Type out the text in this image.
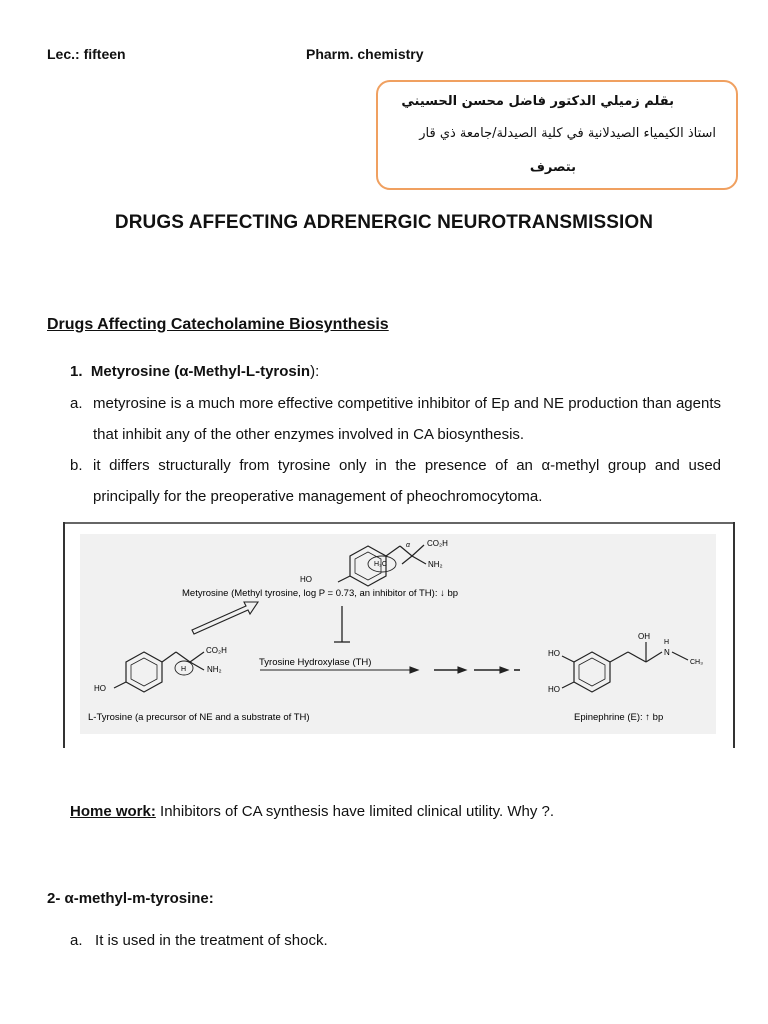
Lec.: fifteen	Pharm. chemistry
بقلم زميلي الدكتور فاضل محسن الحسيني
استاذ الكيمياء الصيدلانية في كلية الصيدلة/جامعة ذي قار
بتصرف
DRUGS AFFECTING ADRENERGIC NEUROTRANSMISSION
Drugs Affecting Catecholamine Biosynthesis
1. Metyrosine (α-Methyl-L-tyrosin):
a. metyrosine is a much more effective competitive inhibitor of Ep and NE production than agents that inhibit any of the other enzymes involved in CA biosynthesis.
b. it differs structurally from tyrosine only in the presence of an α-methyl group and used principally for the preoperative management of pheochromocytoma.
CO₂H
NH₂
α
H₃C
HO
Metyrosine (Methyl tyrosine, log P = 0.73, an inhibitor of TH): ↓ bp
CO₂H
NH₂
H
HO
Tyrosine Hydroxylase (TH)
OH
N
H
CH₃
HO
HO
L-Tyrosine (a precursor of NE and a substrate of TH)	Epinephrine (E): ↑ bp
Home work: Inhibitors of CA synthesis have limited clinical utility. Why ?.
2- α-methyl-m-tyrosine:
a. It is used in the treatment of shock.
